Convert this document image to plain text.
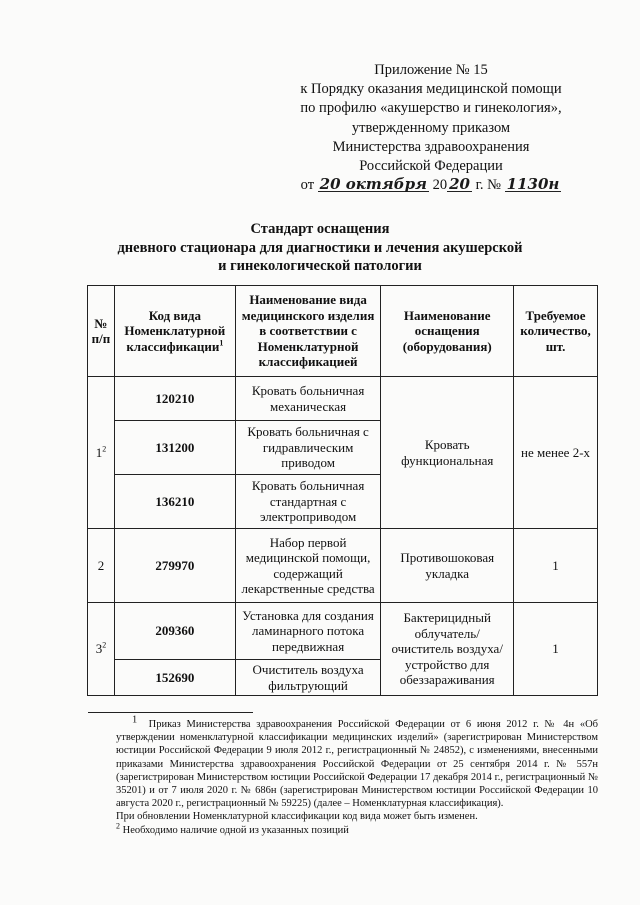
Приложение № 15
к Порядку оказания медицинской помощи
по профилю «акушерство и гинекология»,
утвержденному приказом
Министерства здравоохранения
Российской Федерации
от 20 октября 20 20 г. № 1130н
Стандарт оснащения
дневного стационара для диагностики и лечения акушерской
и гинекологической патологии
№ п/п	Код вида Номенклатурной классификации$^1$	Наименование вида медицинского изделия в соответствии с Номенклатурной классификацией	Наименование оснащения (оборудования)	Требуемое количество, шт.
$1^2$	120210	Кровать больничная механическая	Кровать функциональная	не менее 2-х
	131200	Кровать больничная с гидравлическим приводом		
	136210	Кровать больничная стандартная с электроприводом		
2	279970	Набор первой медицинской помощи, содержащий лекарственные средства	Противошоковая укладка	1
$3^2$	209360	Установка для создания ламинарного потока передвижная	Бактерицидный облучатель/ очиститель воздуха/ устройство для обеззараживания	1
	152690	Очиститель воздуха фильтрующий		

$^1$ Приказ Министерства здравоохранения Российской Федерации от 6 июня 2012 г. № 4н «Об утверждении номенклатурной классификации медицинских изделий» (зарегистрирован Министерством юстиции Российской Федерации 9 июля 2012 г., регистрационный № 24852), с изменениями, внесенными приказами Министерства здравоохранения Российской Федерации от 25 сентября 2014 г. № 557н (зарегистрирован Министерством юстиции Российской Федерации 17 декабря 2014 г., регистрационный № 35201) и от 7 июля 2020 г. № 686н (зарегистрирован Министерством юстиции Российской Федерации 10 августа 2020 г., регистрационный № 59225) (далее – Номенклатурная классификация).

При обновлении Номенклатурной классификации код вида может быть изменен.

$^2$ Необходимо наличие одной из указанных позиций
